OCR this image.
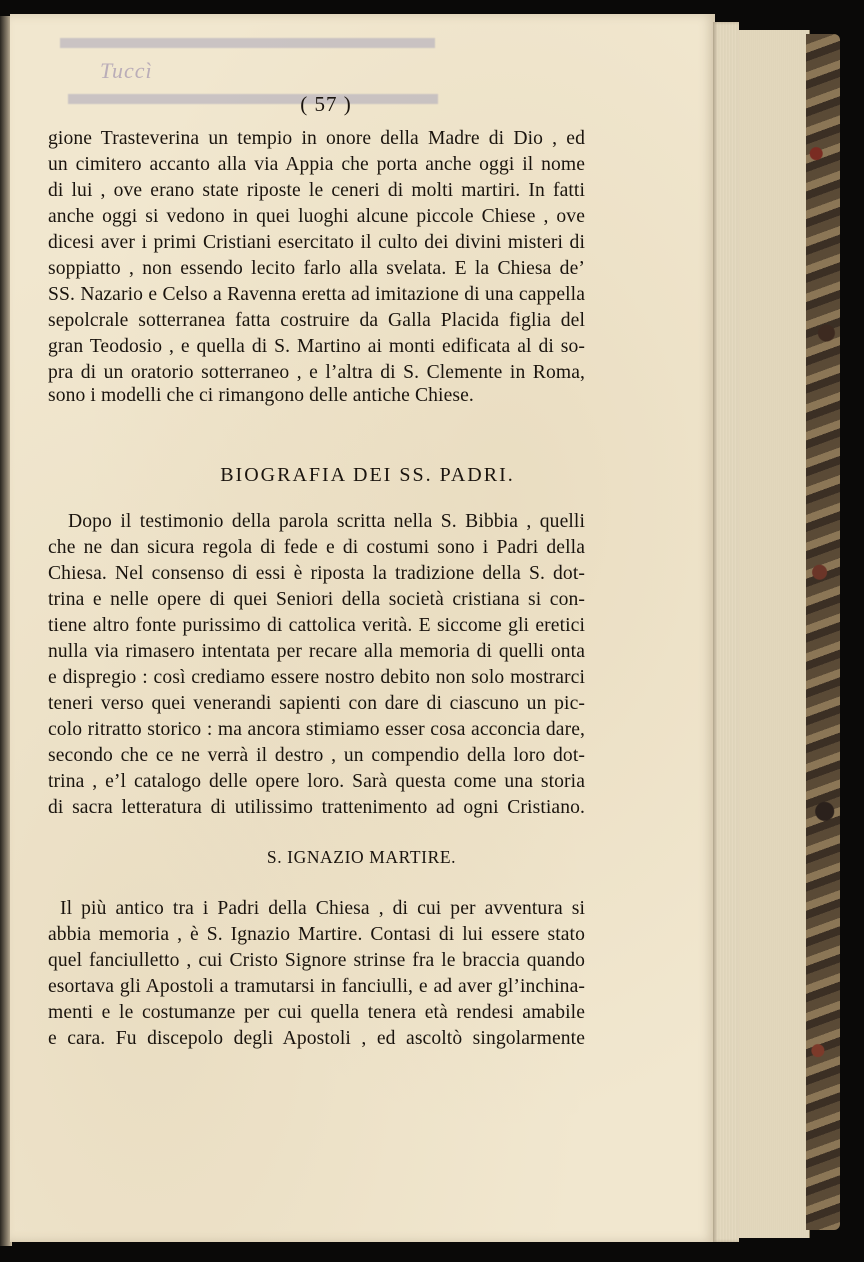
Tuccì
( 57 )
gione Trasteverina un tempio in onore della Madre di Dio , ed
un cimitero accanto alla via Appia che porta anche oggi il nome
di lui , ove erano state riposte le ceneri di molti martiri. In fatti
anche oggi si vedono in quei luoghi alcune piccole Chiese , ove
dicesi aver i primi Cristiani esercitato il culto dei divini misteri di
soppiatto , non essendo lecito farlo alla svelata. E la Chiesa de’
SS. Nazario e Celso a Ravenna eretta ad imitazione di una cappella
sepolcrale sotterranea fatta costruire da Galla Placida figlia del
gran Teodosio , e quella di S. Martino ai monti edificata al di so-
pra di un oratorio sotterraneo , e l’altra di S. Clemente in Roma,
sono i modelli che ci rimangono delle antiche Chiese.
BIOGRAFIA DEI SS. PADRI.
Dopo il testimonio della parola scritta nella S. Bibbia , quelli
che ne dan sicura regola di fede e di costumi sono i Padri della
Chiesa. Nel consenso di essi è riposta la tradizione della S. dot-
trina e nelle opere di quei Seniori della società cristiana si con-
tiene altro fonte purissimo di cattolica verità. E siccome gli eretici
nulla via rimasero intentata per recare alla memoria di quelli onta
e dispregio : così crediamo essere nostro debito non solo mostrarci
teneri verso quei venerandi sapienti con dare di ciascuno un pic-
colo ritratto storico : ma ancora stimiamo esser cosa acconcia dare,
secondo che ce ne verrà il destro , un compendio della loro dot-
trina , e’l catalogo delle opere loro. Sarà questa come una storia
di sacra letteratura di utilissimo trattenimento ad ogni Cristiano.
S. IGNAZIO MARTIRE.
Il più antico tra i Padri della Chiesa , di cui per avventura si
abbia memoria , è S. Ignazio Martire. Contasi di lui essere stato
quel fanciulletto , cui Cristo Signore strinse fra le braccia quando
esortava gli Apostoli a tramutarsi in fanciulli, e ad aver gl’inchina-
menti e le costumanze per cui quella tenera età rendesi amabile
e cara. Fu discepolo degli Apostoli , ed ascoltò singolarmente
